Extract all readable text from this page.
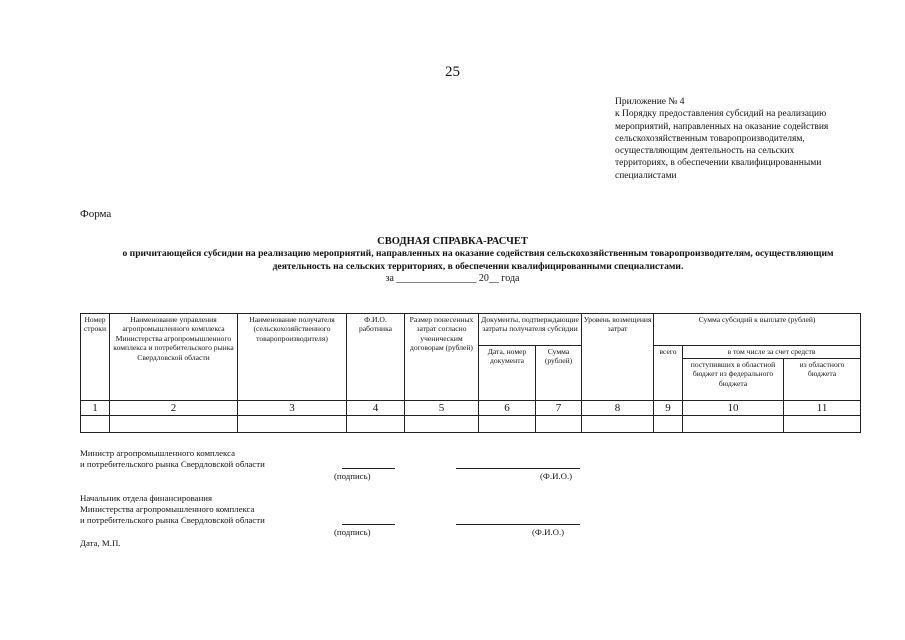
25
Приложение № 4
к Порядку предоставления субсидий на реализацию
мероприятий, направленных на оказание содействия
сельскохозяйственным товаропроизводителям,
осуществляющим деятельность на сельских
территориях, в обеспечении квалифицированными
специалистами
Форма
СВОДНАЯ СПРАВКА-РАСЧЕТ
о причитающейся субсидии на реализацию мероприятий, направленных на оказание содействия сельскохозяйственным товаропроизводителям, осуществляющим
деятельность на сельских территориях, в обеспечении квалифицированными специалистами.
за ________________ 20__ года
Номер строки	Наименование управления агропромышленного комплекса Министерства агропромышленного комплекса и потребительского рынка Свердловской области	Наименование получателя (сельскохозяйственного товаропроизводителя)	Ф.И.О. работника	Размер понесенных затрат согласно ученическим договорам (рублей)	Документы, подтверждающие затраты получателя субсидии		Уровень возмещения затрат	Сумма субсидий к выплате (рублей)		
					Дата, номер документа	Сумма (рублей)		всего	в том числе за счет средств	
									поступивших в областной бюджет из федерального бюджета	из областного бюджета

1	2	3	4	5	6	7	8	9	10	11

Министр агропромышленного комплекса
и потребительского рынка Свердловской области
(подпись)	(Ф.И.О.)
Начальник отдела финансирования
Министерства агропромышленного комплекса
и потребительского рынка Свердловской области
(подпись)	(Ф.И.О.)
Дата, М.П.
